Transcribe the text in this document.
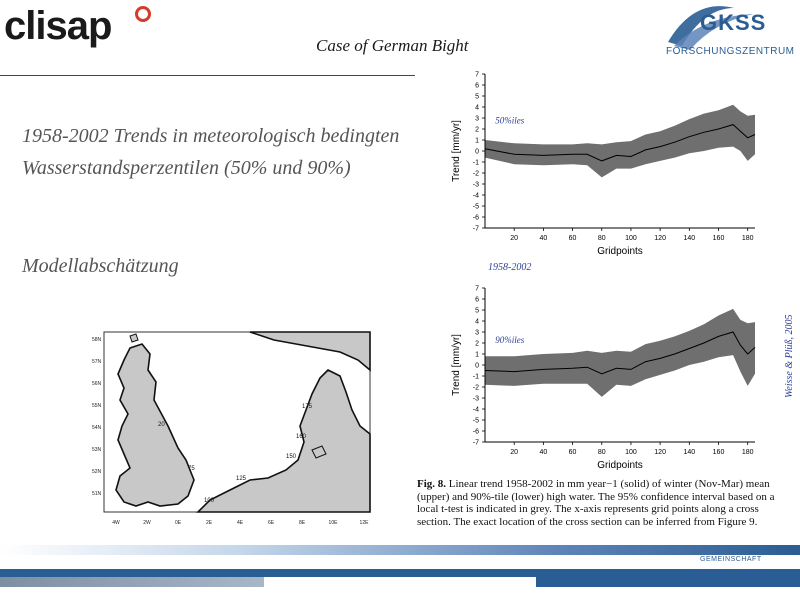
clisap	Case of German Bight
GKSS
FORSCHUNGSZENTRUM
1958-2002 Trends in meteorologisch bedingten Wasserstandsperzentilen (50% und 90%)
Modellabschätzung
58N
57N
56N
55N
54N
53N
52N
51N
4W	2W	0E	2E	4E	6E	8E	10E	12E
20
75
100
125
150
160
175
7
6
5
4
3
2
1
0
-1
-2
-3
-4
-5
-6
-7
20	40	60	80	100	120	140	160	180
Gridpoints
Trend [mm/yr]	50%iles
1958-2002
7
6
5
4
3
2
1
0
-1
-2
-3
-4
-5
-6
-7
20	40	60	80	100	120	140	160	180
Gridpoints
Trend [mm/yr]	90%iles	Weisse & Plüß, 2005
Fig. 8. Linear trend 1958-2002 in mm year−1 (solid) of winter (Nov-Mar) mean (upper) and 90%-tile (lower) high water. The 95% confidence interval based on a local t-test is indicated in grey. The x-axis represents grid points along a cross section. The exact location of the cross section can be inferred from Figure 9.
GEMEINSCHAFT
